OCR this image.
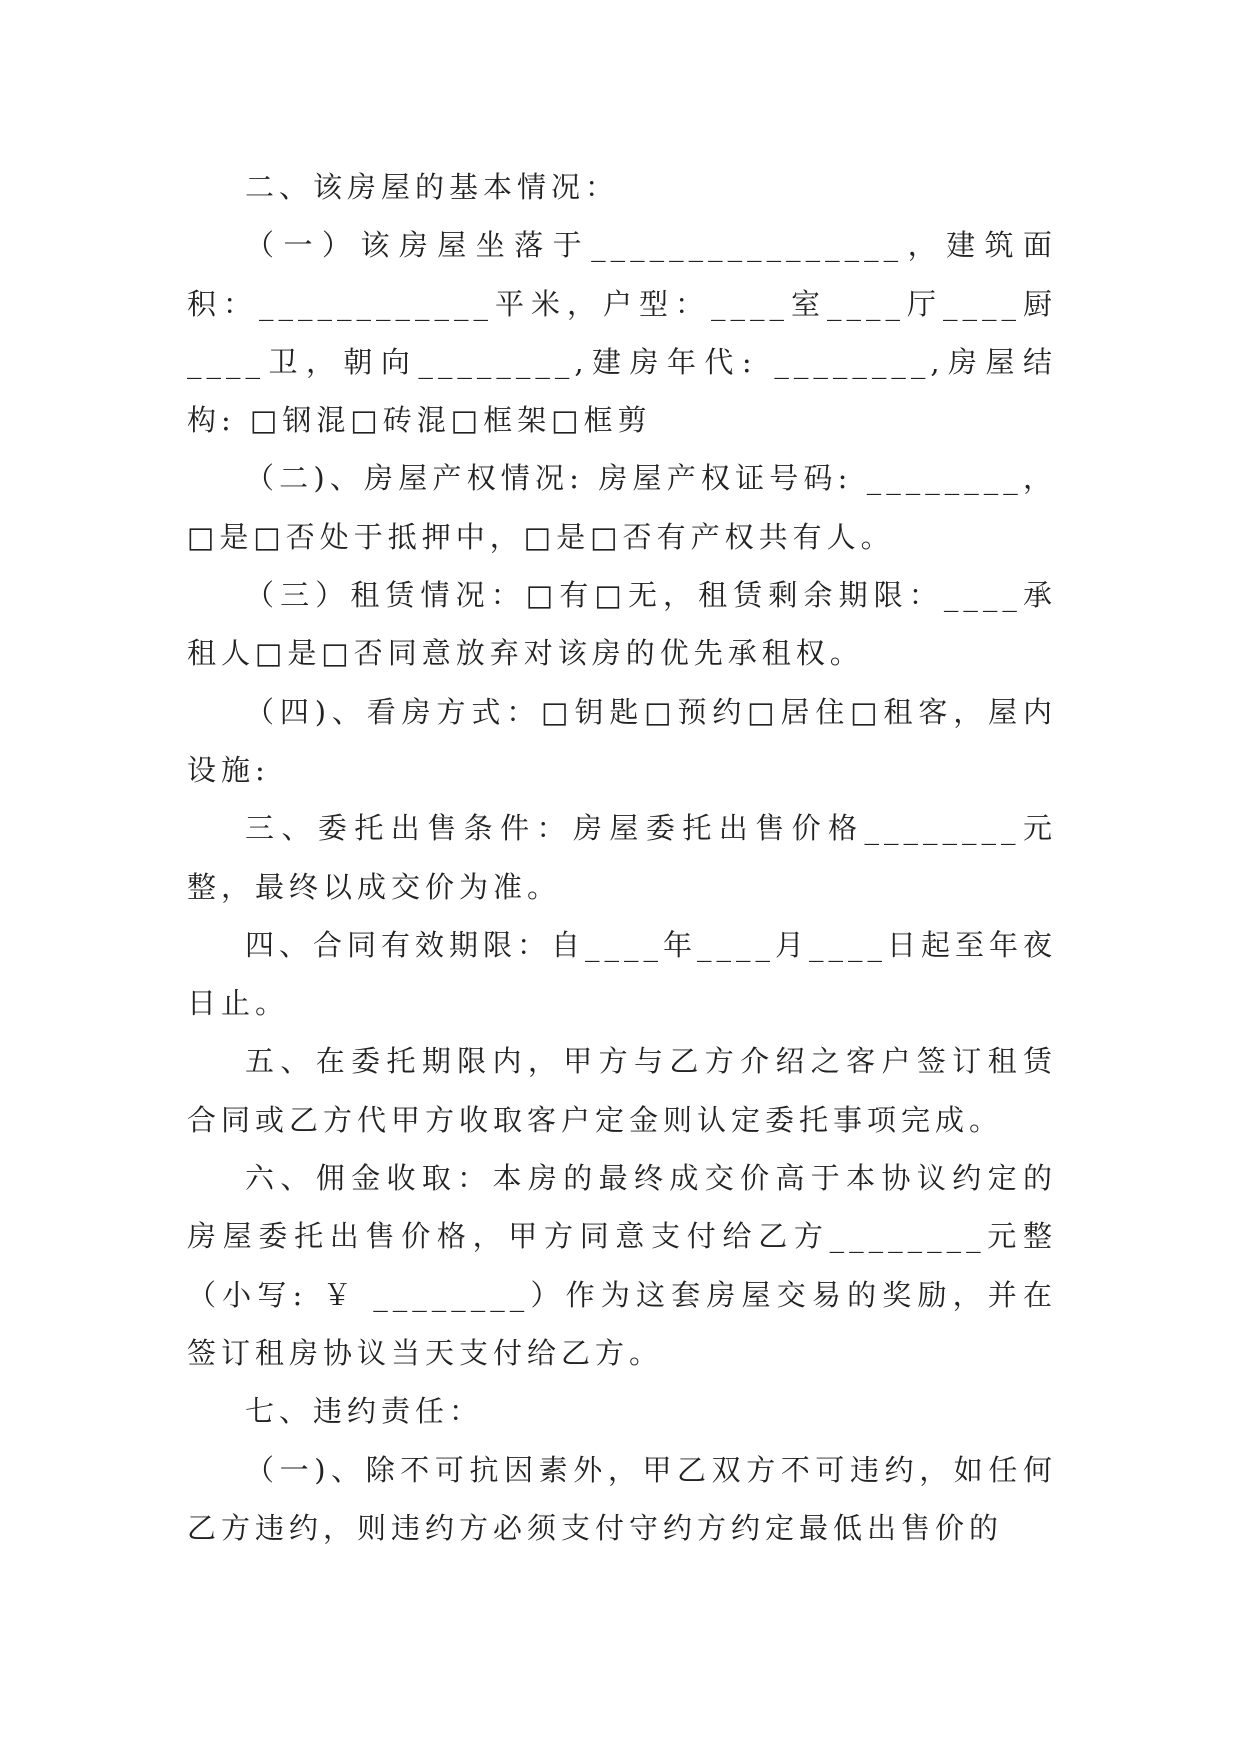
二、该房屋的基本情况：

（一）该房屋坐落于________________，建筑面积：____________平米，户型：____室____厅____厨____卫，朝向________,建房年代: ________,房屋结构: □钢混□砖混□框架□框剪

（二)、房屋产权情况: 房屋产权证号码: ________，□是□否处于抵押中，□是□否有产权共有人。

（三）租赁情况：□有□无，租赁剩余期限：____承租人□是□否同意放弃对该房的优先承租权。

（四)、看房方式：□钥匙□预约□居住□租客，屋内设施:

三、委托出售条件：房屋委托出售价格________元整，最终以成交价为准。

四、合同有效期限：自____年____月____日起至年夜日止。

五、在委托期限内，甲方与乙方介绍之客户签订租赁合同或乙方代甲方收取客户定金则认定委托事项完成。

六、佣金收取：本房的最终成交价高于本协议约定的房屋委托出售价格，甲方同意支付给乙方________元整（小写: ￥ ________）作为这套房屋交易的奖励，并在签订租房协议当天支付给乙方。

七、违约责任：

（一)、除不可抗因素外，甲乙双方不可违约，如任何乙方违约，则违约方必须支付守约方约定最低出售价的
